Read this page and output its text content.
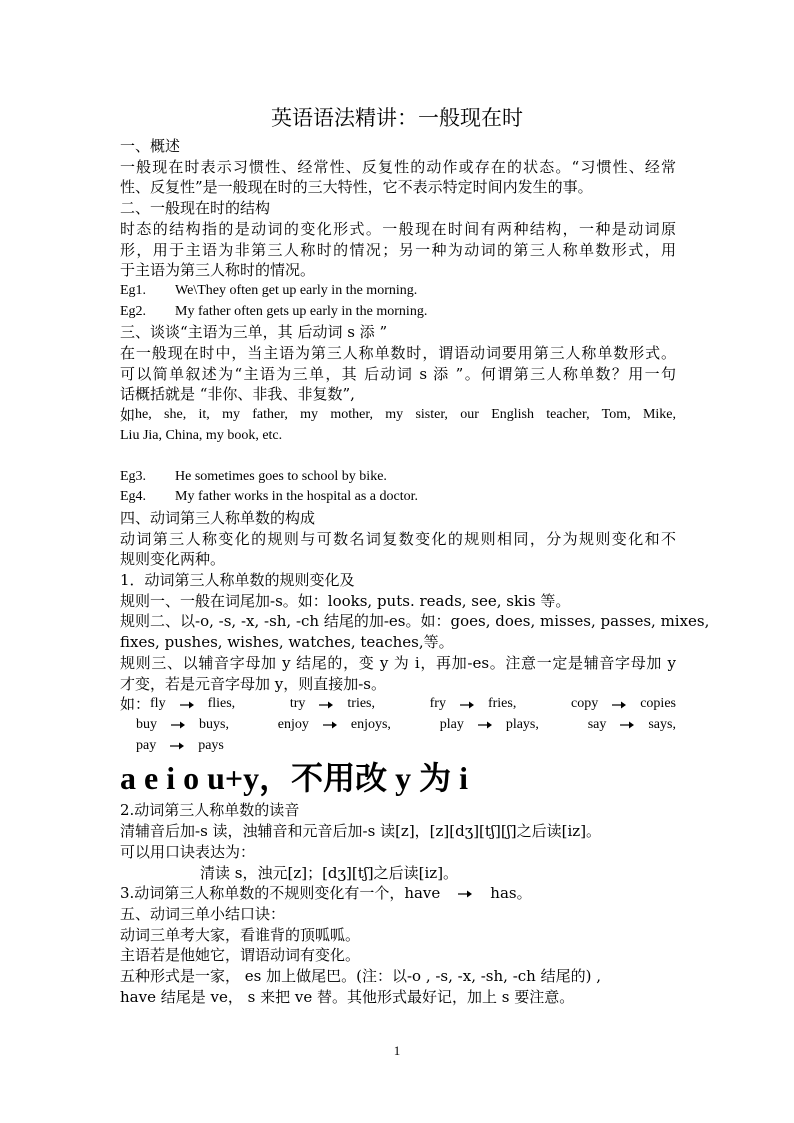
英语语法精讲：一般现在时
一、概述
一般现在时表示习惯性、经常性、反复性的动作或存在的状态。“习惯性、经常
性、反复性”是一般现在时的三大特性，它不表示特定时间内发生的事。
二、一般现在时的结构
时态的结构指的是动词的变化形式。一般现在时间有两种结构，一种是动词原
形，用于主语为非第三人称时的情况；另一种为动词的第三人称单数形式，用
于主语为第三人称时的情况。
Eg1. We\They often get up early in the morning.
Eg2. My father often gets up early in the morning.
三、谈谈“主语为三单，其 后动词 s 添 ”
在一般现在时中，当主语为第三人称单数时，谓语动词要用第三人称单数形式。
可以简单叙述为“主语为三单，其 后动词 s 添 ”。何谓第三人称单数？用一句
话概括就是 “非你、非我、非复数”,
如 he, she, it, my father, my mother, my sister, our English teacher, Tom, Mike,
Liu Jia, China, my book, etc.
Eg3. He sometimes goes to school by bike.
Eg4. My father works in the hospital as a doctor.
四、动词第三人称单数的构成
动词第三人称变化的规则与可数名词复数变化的规则相同，分为规则变化和不
规则变化两种。
1．动词第三人称单数的规则变化及
规则一、一般在词尾加-s。如：looks, puts. reads, see, skis 等。
规则二、以-o, -s, -x, -sh, -ch 结尾的加-es。如：goes, does, misses, passes, mixes,
fixes, pushes, wishes, watches, teaches,等。
规则三、以辅音字母加 y 结尾的，变 y 为 i，再加-es。注意一定是辅音字母加 y
才变，若是元音字母加 y，则直接加-s。
如： fly	flies,	try	tries,	fry	fries,	copy	copies
buy	buys,	enjoy	enjoys,	play	plays,	say	says,
pay	pays
a e i o u+y，不用改 y 为 i
2.动词第三人称单数的读音
清辅音后加-s 读，浊辅音和元音后加-s 读[z]，[z][dʒ][tʃ][ʃ]之后读[iz]。
可以用口诀表达为：
清读 s，浊元[z]；[dʒ][tʃ]之后读[iz]。
3.动词第三人称单数的不规则变化有一个，have	has。
五、动词三单小结口诀：
动词三单考大家，看谁背的顶呱呱。
主语若是他她它，谓语动词有变化。
五种形式是一家， es 加上做尾巴。(注：以-o , -s, -x, -sh, -ch 结尾的) ,
have 结尾是 ve， s 来把 ve 替。其他形式最好记，加上 s 要注意。
1
